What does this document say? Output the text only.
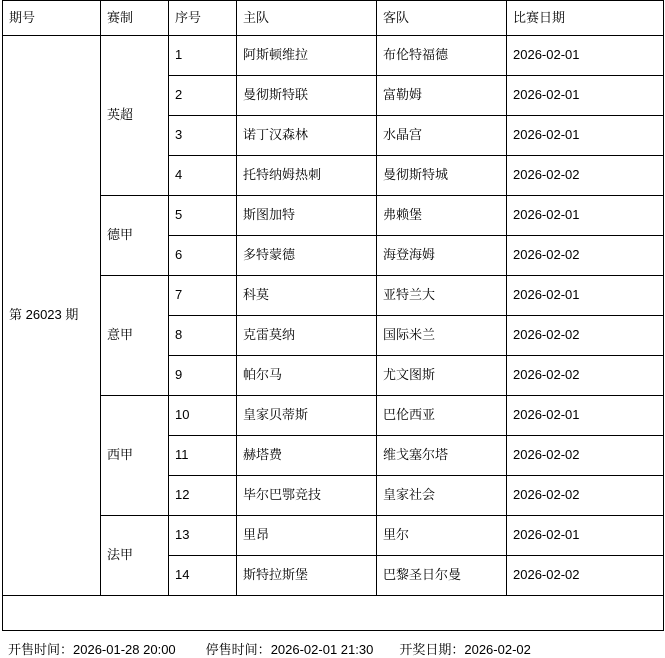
期号	赛制	序号	主队	客队	比赛日期
第 26023 期	英超	1	阿斯顿维拉	布伦特福德	2026-02-01
		2	曼彻斯特联	富勒姆	2026-02-01
		3	诺丁汉森林	水晶宫	2026-02-01
		4	托特纳姆热刺	曼彻斯特城	2026-02-02
	德甲	5	斯图加特	弗赖堡	2026-02-01
		6	多特蒙德	海登海姆	2026-02-02
	意甲	7	科莫	亚特兰大	2026-02-01
		8	克雷莫纳	国际米兰	2026-02-02
		9	帕尔马	尤文图斯	2026-02-02
	西甲	10	皇家贝蒂斯	巴伦西亚	2026-02-01
		11	赫塔费	维戈塞尔塔	2026-02-02
		12	毕尔巴鄂竞技	皇家社会	2026-02-02
	法甲	13	里昂	里尔	2026-02-01
		14	斯特拉斯堡	巴黎圣日尔曼	2026-02-02

开售时间：2026-01-28 20:00 停售时间：2026-02-01 21:30 开奖日期：2026-02-02
